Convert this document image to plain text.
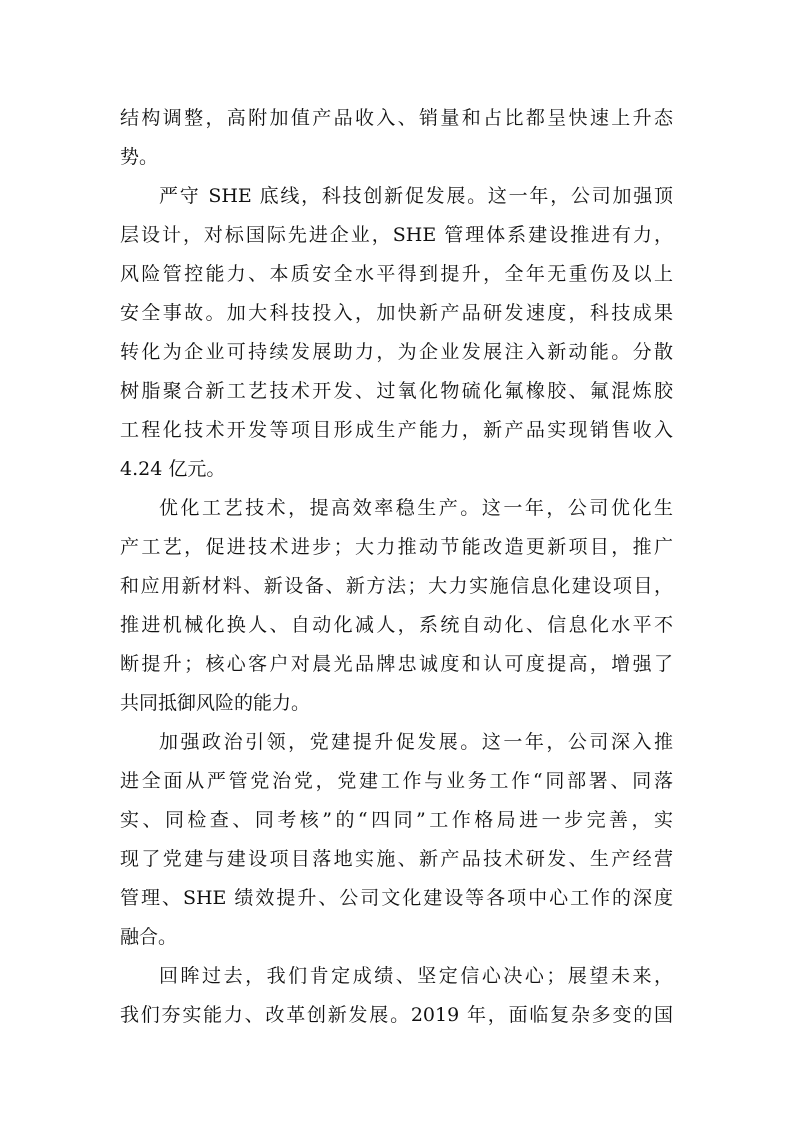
结构调整，高附加值产品收入、销量和占比都呈快速上升态
势。
严守 SHE 底线，科技创新促发展。这一年，公司加强顶
层设计，对标国际先进企业，SHE 管理体系建设推进有力，
风险管控能力、本质安全水平得到提升，全年无重伤及以上
安全事故。加大科技投入，加快新产品研发速度，科技成果
转化为企业可持续发展助力，为企业发展注入新动能。分散
树脂聚合新工艺技术开发、过氧化物硫化氟橡胶、氟混炼胶
工程化技术开发等项目形成生产能力，新产品实现销售收入
4.24 亿元。
优化工艺技术，提高效率稳生产。这一年，公司优化生
产工艺，促进技术进步；大力推动节能改造更新项目，推广
和应用新材料、新设备、新方法；大力实施信息化建设项目，
推进机械化换人、自动化减人，系统自动化、信息化水平不
断提升；核心客户对晨光品牌忠诚度和认可度提高，增强了
共同抵御风险的能力。
加强政治引领，党建提升促发展。这一年，公司深入推
进全面从严管党治党，党建工作与业务工作“同部署、同落
实、同检查、同考核”的“四同”工作格局进一步完善，实
现了党建与建设项目落地实施、新产品技术研发、生产经营
管理、SHE 绩效提升、公司文化建设等各项中心工作的深度
融合。
回眸过去，我们肯定成绩、坚定信心决心；展望未来，
我们夯实能力、改革创新发展。2019 年，面临复杂多变的国
